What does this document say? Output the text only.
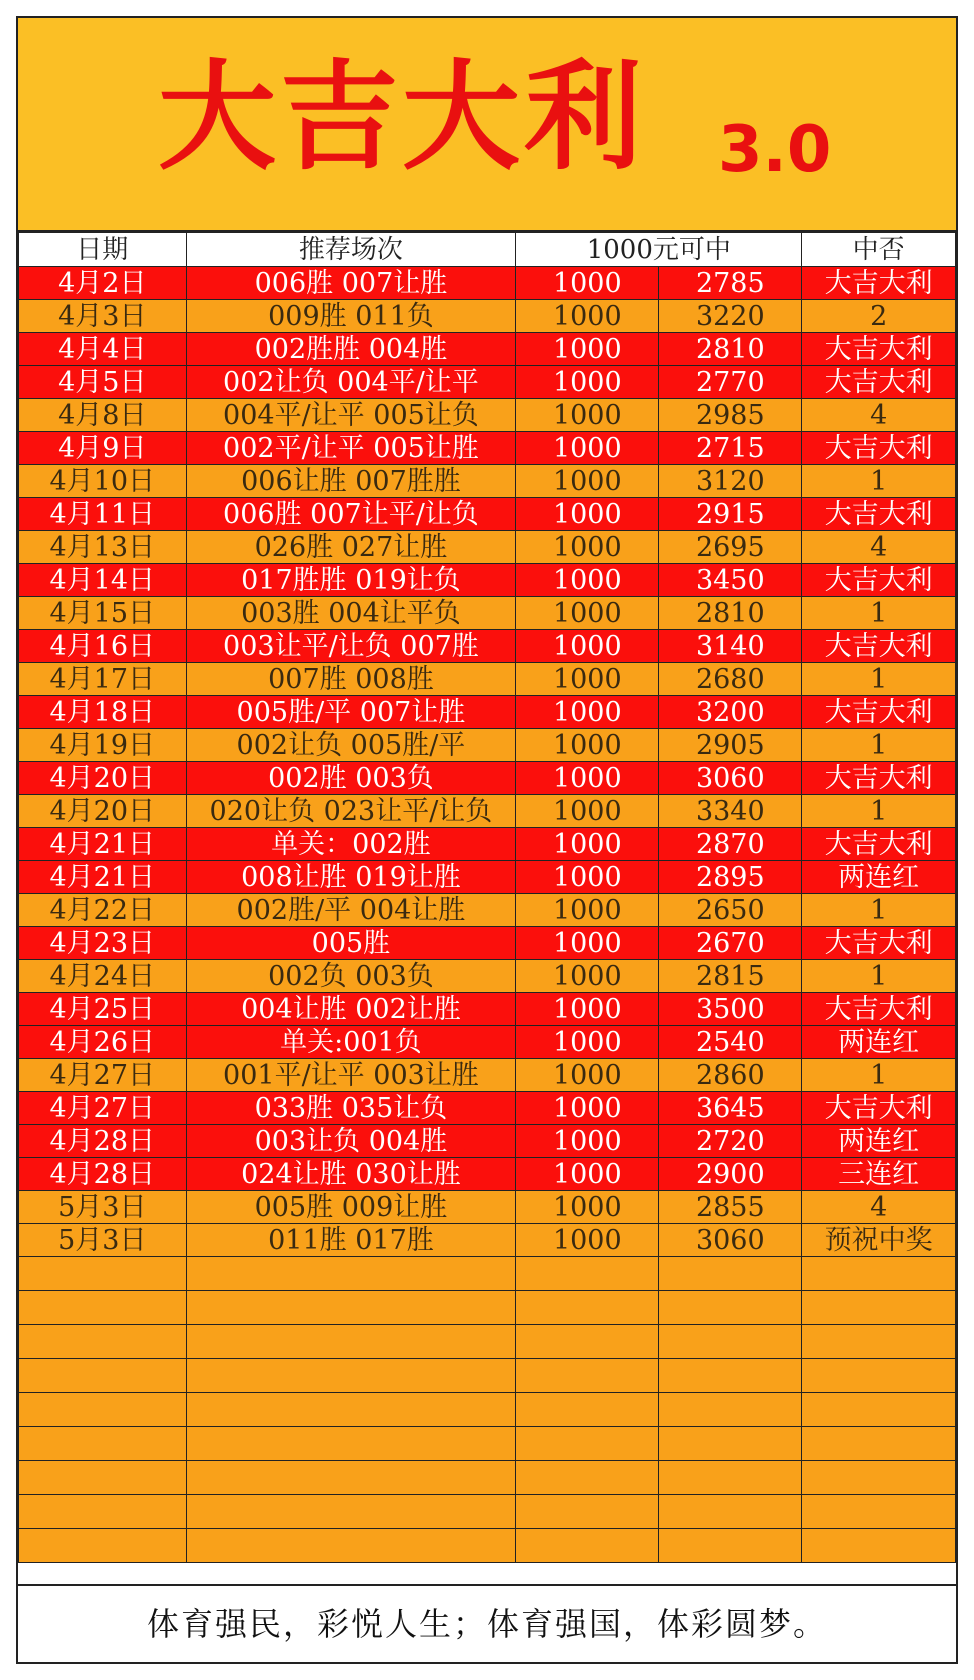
大吉大利 3.0
日期	推荐场次	1000元可中		中否
4月2日	006胜 007让胜	1000	2785	大吉大利
4月3日	009胜 011负	1000	3220	2
4月4日	002胜胜 004胜	1000	2810	大吉大利
4月5日	002让负 004平/让平	1000	2770	大吉大利
4月8日	004平/让平 005让负	1000	2985	4
4月9日	002平/让平 005让胜	1000	2715	大吉大利
4月10日	006让胜 007胜胜	1000	3120	1
4月11日	006胜 007让平/让负	1000	2915	大吉大利
4月13日	026胜 027让胜	1000	2695	4
4月14日	017胜胜 019让负	1000	3450	大吉大利
4月15日	003胜 004让平负	1000	2810	1
4月16日	003让平/让负 007胜	1000	3140	大吉大利
4月17日	007胜 008胜	1000	2680	1
4月18日	005胜/平 007让胜	1000	3200	大吉大利
4月19日	002让负 005胜/平	1000	2905	1
4月20日	002胜 003负	1000	3060	大吉大利
4月20日	020让负 023让平/让负	1000	3340	1
4月21日	单关：002胜	1000	2870	大吉大利
4月21日	008让胜 019让胜	1000	2895	两连红
4月22日	002胜/平 004让胜	1000	2650	1
4月23日	005胜	1000	2670	大吉大利
4月24日	002负 003负	1000	2815	1
4月25日	004让胜 002让胜	1000	3500	大吉大利
4月26日	单关:001负	1000	2540	两连红
4月27日	001平/让平 003让胜	1000	2860	1
4月27日	033胜 035让负	1000	3645	大吉大利
4月28日	003让负 004胜	1000	2720	两连红
4月28日	024让胜 030让胜	1000	2900	三连红
5月3日	005胜 009让胜	1000	2855	4
5月3日	011胜 017胜	1000	3060	预祝中奖

体育强民，彩悦人生；体育强国，体彩圆梦。
